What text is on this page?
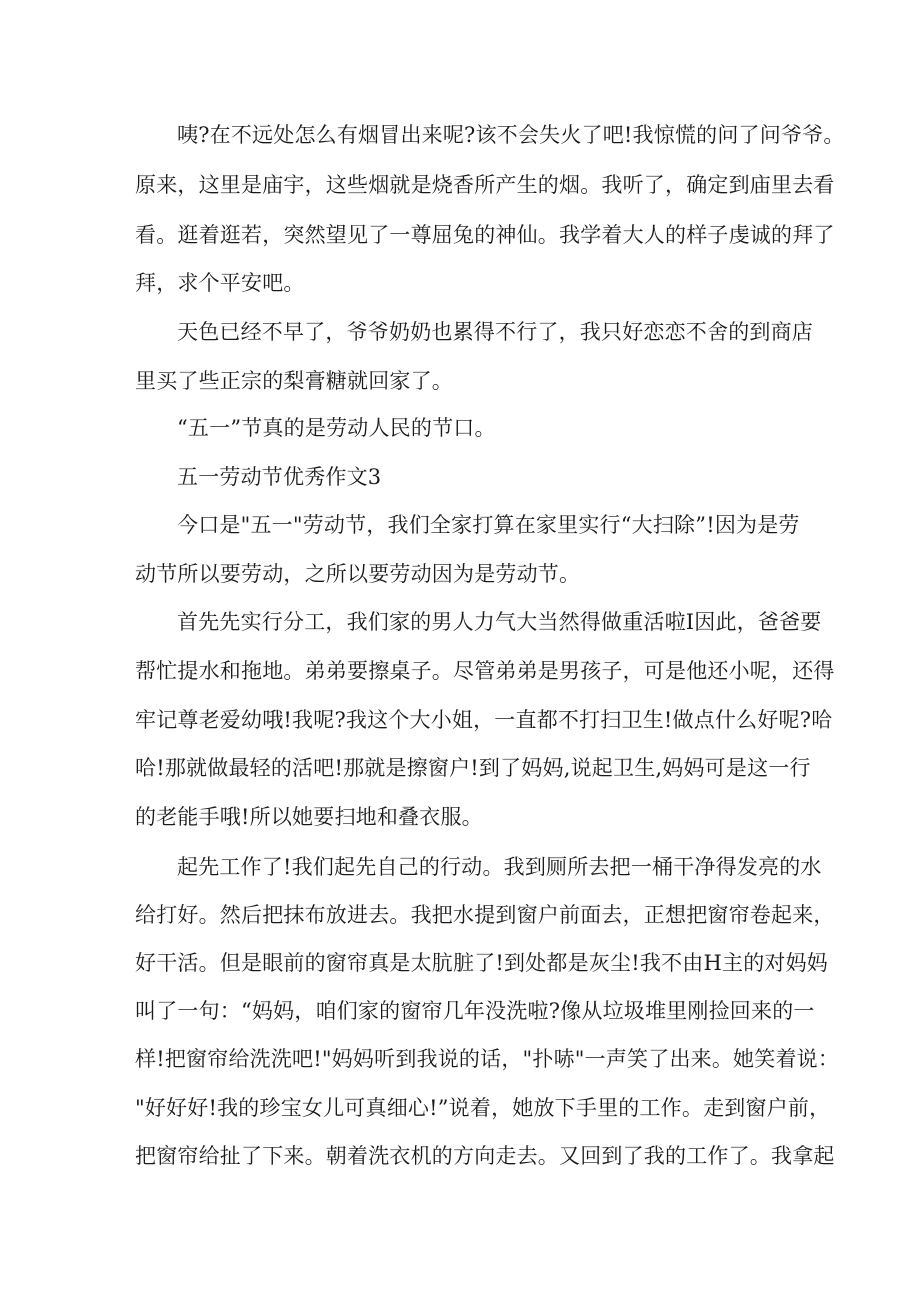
咦?在不远处怎么有烟冒出来呢?该不会失火了吧!我惊慌的问了问爷爷。
原来，这里是庙宇，这些烟就是烧香所产生的烟。我听了，确定到庙里去看
看。逛着逛若，突然望见了一尊屈兔的神仙。我学着大人的样子虔诚的拜了
拜，求个平安吧。
天色已经不早了，爷爷奶奶也累得不行了，我只好恋恋不舍的到商店
里买了些正宗的梨膏糖就回家了。
“五一”节真的是劳动人民的节口。
五一劳动节优秀作文3
今口是"五一"劳动节，我们全家打算在家里实行“大扫除”!因为是劳
动节所以要劳动，之所以要劳动因为是劳动节。
首先先实行分工，我们家的男人力气大当然得做重活啦I因此，爸爸要
帮忙提水和拖地。弟弟要擦桌子。尽管弟弟是男孩子，可是他还小呢，还得
牢记尊老爱幼哦!我呢?我这个大小姐，一直都不打扫卫生!做点什么好呢?哈
哈!那就做最轻的活吧!那就是擦窗户!到了妈妈,说起卫生,妈妈可是这一行
的老能手哦!所以她要扫地和叠衣服。
起先工作了!我们起先自己的行动。我到厕所去把一桶干净得发亮的水
给打好。然后把抹布放进去。我把水提到窗户前面去，正想把窗帘卷起来，
好干活。但是眼前的窗帘真是太肮脏了!到处都是灰尘!我不由H主的对妈妈
叫了一句：“妈妈，咱们家的窗帘几年没洗啦?像从垃圾堆里刚捡回来的一
样!把窗帘给洗洗吧!"妈妈听到我说的话，"扑哧"一声笑了出来。她笑着说：
"好好好!我的珍宝女儿可真细心!”说着，她放下手里的工作。走到窗户前，
把窗帘给扯了下来。朝着洗衣机的方向走去。又回到了我的工作了。我拿起
